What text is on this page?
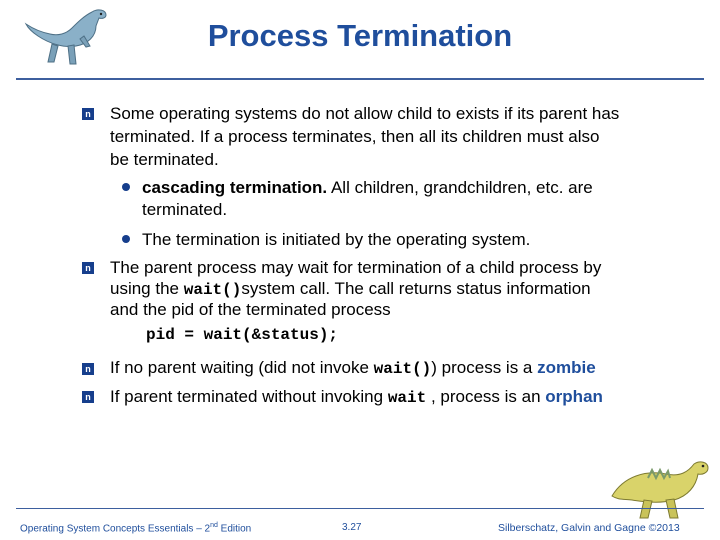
Process Termination
n Some operating systems do not allow child to exists if its parent has
terminated. If a process terminates, then all its children must also
be terminated.
cascading termination. All children, grandchildren, etc. are
terminated.
The termination is initiated by the operating system.
n The parent process may wait for termination of a child process by
using the wait()system call. The call returns status information
and the pid of the terminated process
pid = wait(&status);
n If no parent waiting (did not invoke wait()) process is a zombie
n If parent terminated without invoking wait , process is an orphan
Operating System Concepts Essentials – 2nd Edition	3.27	Silberschatz, Galvin and Gagne ©2013
